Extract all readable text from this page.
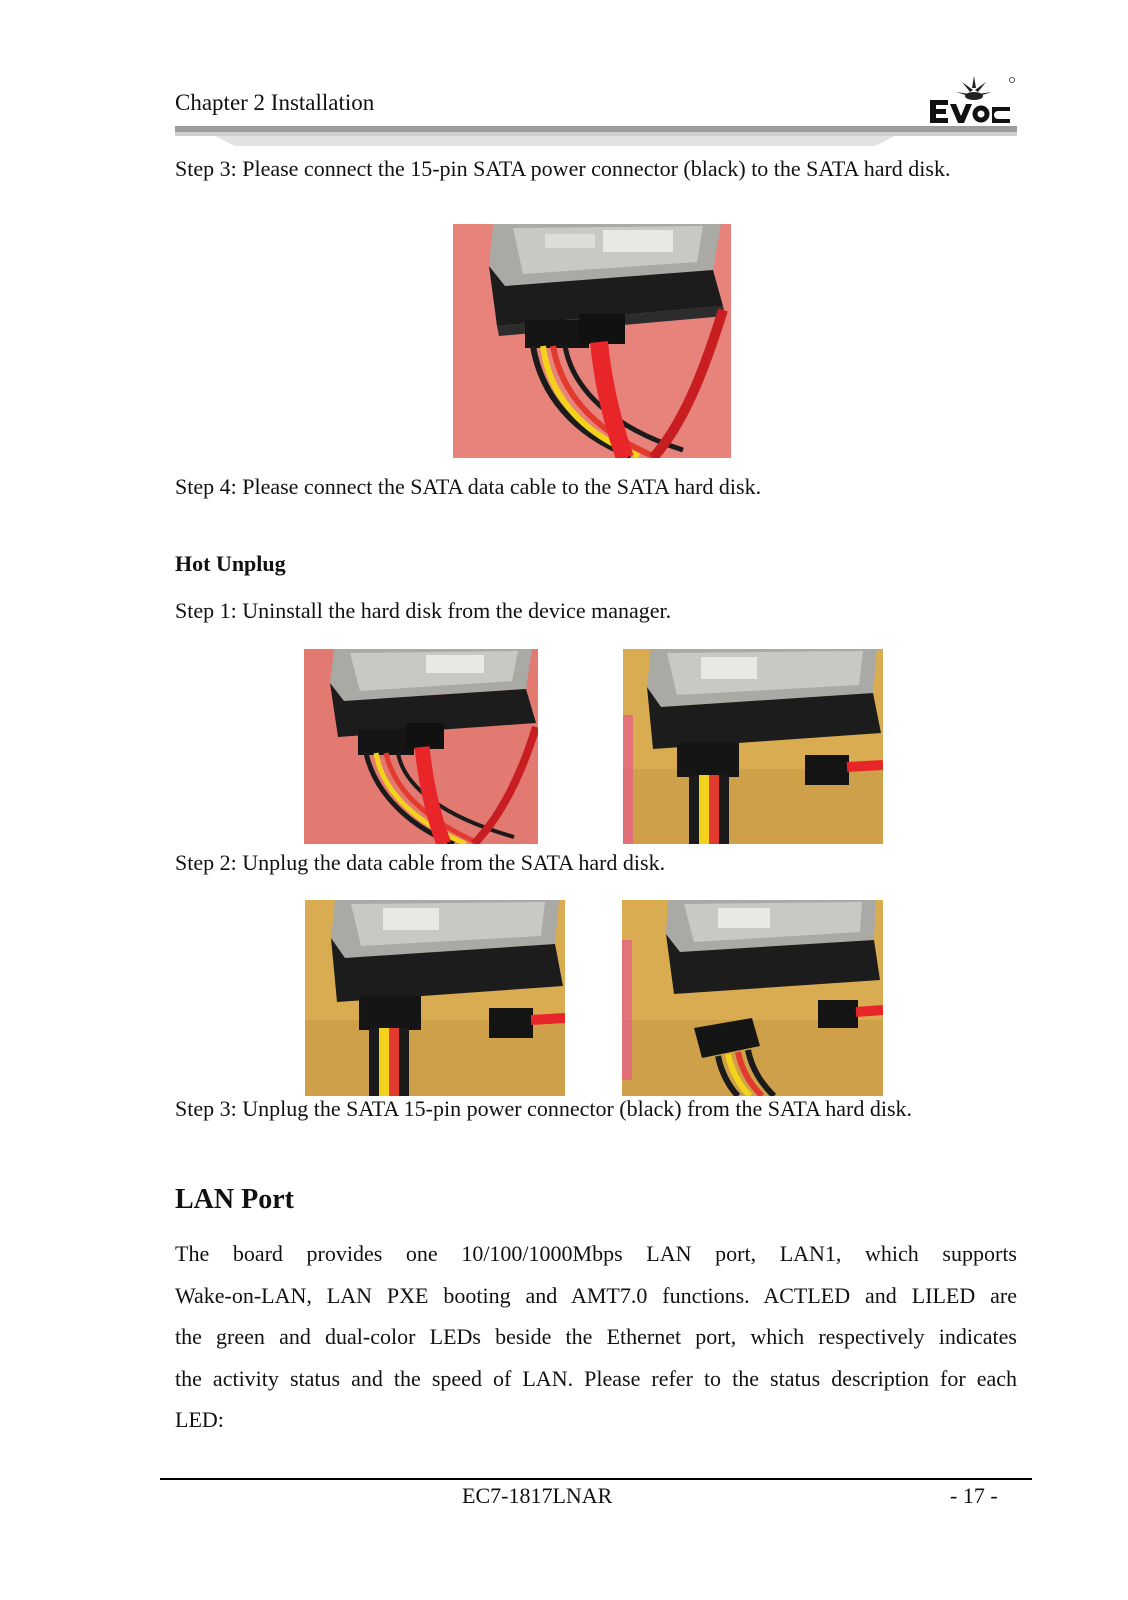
Chapter 2 Installation
Step 3: Please connect the 15-pin SATA power connector (black) to the SATA hard disk.
Step 4: Please connect the SATA data cable to the SATA hard disk.
Hot Unplug
Step 1: Uninstall the hard disk from the device manager.
Step 2: Unplug the data cable from the SATA hard disk.
Step 3: Unplug the SATA 15-pin power connector (black) from the SATA hard disk.
LAN Port
The board provides one 10/100/1000Mbps LAN port, LAN1, which supports
Wake-on-LAN, LAN PXE booting and AMT7.0 functions. ACTLED and LILED are
the green and dual-color LEDs beside the Ethernet port, which respectively indicates
the activity status and the speed of LAN. Please refer to the status description for each
LED:
EC7-1817LNAR	- 17 -
